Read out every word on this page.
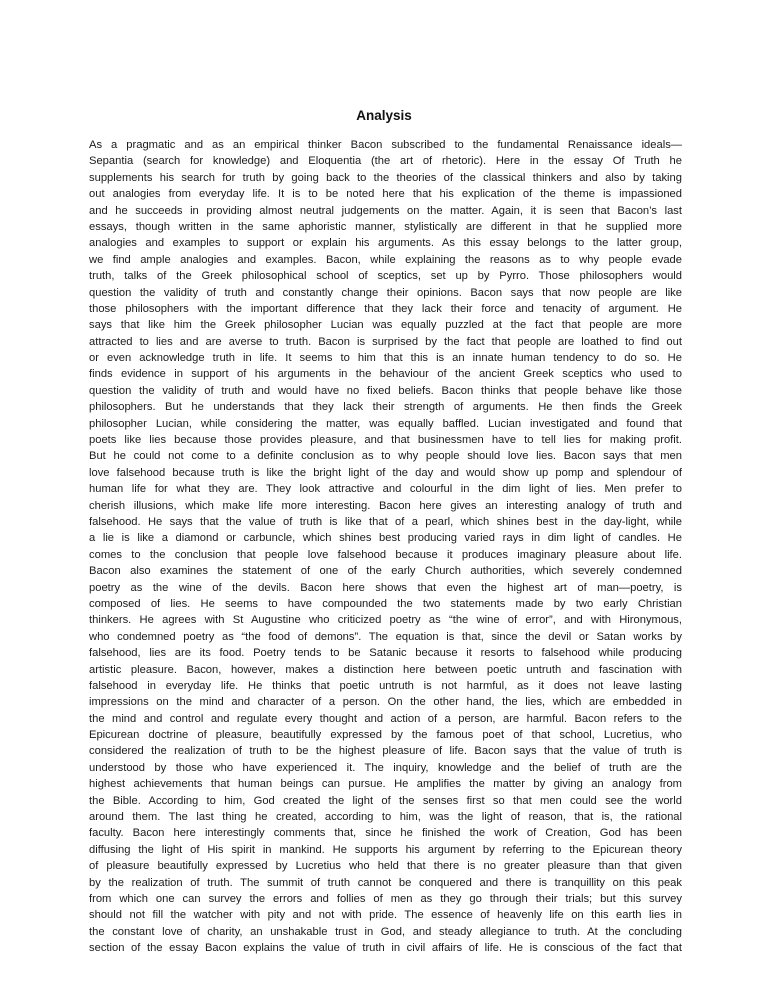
Analysis
As a pragmatic and as an empirical thinker Bacon subscribed to the fundamental Renaissance ideals—
Sepantia (search for knowledge) and Eloquentia (the art of rhetoric). Here in the essay Of Truth he
supplements his search for truth by going back to the theories of the classical thinkers and also by taking
out analogies from everyday life. It is to be noted here that his explication of the theme is impassioned
and he succeeds in providing almost neutral judgements on the matter. Again, it is seen that Bacon’s last
essays, though written in the same aphoristic manner, stylistically are different in that he supplied more
analogies and examples to support or explain his arguments. As this essay belongs to the latter group,
we find ample analogies and examples. Bacon, while explaining the reasons as to why people evade
truth, talks of the Greek philosophical school of sceptics, set up by Pyrro. Those philosophers would
question the validity of truth and constantly change their opinions. Bacon says that now people are like
those philosophers with the important difference that they lack their force and tenacity of argument. He
says that like him the Greek philosopher Lucian was equally puzzled at the fact that people are more
attracted to lies and are averse to truth. Bacon is surprised by the fact that people are loathed to find out
or even acknowledge truth in life. It seems to him that this is an innate human tendency to do so. He
finds evidence in support of his arguments in the behaviour of the ancient Greek sceptics who used to
question the validity of truth and would have no fixed beliefs. Bacon thinks that people behave like those
philosophers. But he understands that they lack their strength of arguments. He then finds the Greek
philosopher Lucian, while considering the matter, was equally baffled. Lucian investigated and found that
poets like lies because those provides pleasure, and that businessmen have to tell lies for making profit.
But he could not come to a definite conclusion as to why people should love lies. Bacon says that men
love falsehood because truth is like the bright light of the day and would show up pomp and splendour of
human life for what they are. They look attractive and colourful in the dim light of lies. Men prefer to
cherish illusions, which make life more interesting. Bacon here gives an interesting analogy of truth and
falsehood. He says that the value of truth is like that of a pearl, which shines best in the day-light, while
a lie is like a diamond or carbuncle, which shines best producing varied rays in dim light of candles. He
comes to the conclusion that people love falsehood because it produces imaginary pleasure about life.
Bacon also examines the statement of one of the early Church authorities, which severely condemned
poetry as the wine of the devils. Bacon here shows that even the highest art of man—poetry, is
composed of lies. He seems to have compounded the two statements made by two early Christian
thinkers. He agrees with St Augustine who criticized poetry as “the wine of error”, and with Hironymous,
who condemned poetry as “the food of demons”. The equation is that, since the devil or Satan works by
falsehood, lies are its food. Poetry tends to be Satanic because it resorts to falsehood while producing
artistic pleasure. Bacon, however, makes a distinction here between poetic untruth and fascination with
falsehood in everyday life. He thinks that poetic untruth is not harmful, as it does not leave lasting
impressions on the mind and character of a person. On the other hand, the lies, which are embedded in
the mind and control and regulate every thought and action of a person, are harmful. Bacon refers to the
Epicurean doctrine of pleasure, beautifully expressed by the famous poet of that school, Lucretius, who
considered the realization of truth to be the highest pleasure of life. Bacon says that the value of truth is
understood by those who have experienced it. The inquiry, knowledge and the belief of truth are the
highest achievements that human beings can pursue. He amplifies the matter by giving an analogy from
the Bible. According to him, God created the light of the senses first so that men could see the world
around them. The last thing he created, according to him, was the light of reason, that is, the rational
faculty. Bacon here interestingly comments that, since he finished the work of Creation, God has been
diffusing the light of His spirit in mankind. He supports his argument by referring to the Epicurean theory
of pleasure beautifully expressed by Lucretius who held that there is no greater pleasure than that given
by the realization of truth. The summit of truth cannot be conquered and there is tranquillity on this peak
from which one can survey the errors and follies of men as they go through their trials; but this survey
should not fill the watcher with pity and not with pride. The essence of heavenly life on this earth lies in
the constant love of charity, an unshakable trust in God, and steady allegiance to truth. At the concluding
section of the essay Bacon explains the value of truth in civil affairs of life. He is conscious of the fact that
